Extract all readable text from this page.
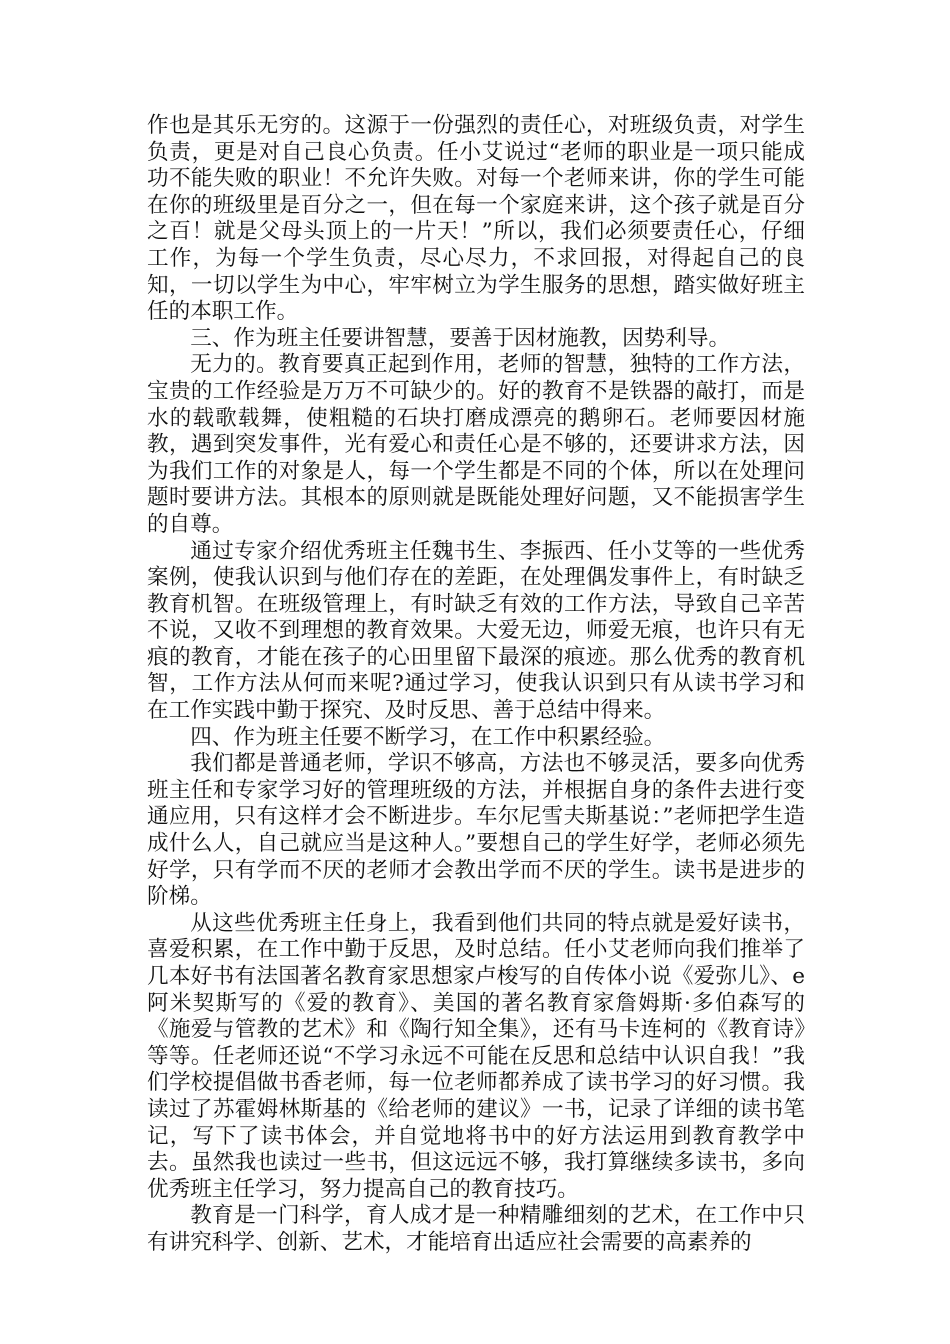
作也是其乐无穷的。这源于一份强烈的责任心，对班级负责，对学生负责，更是对自己良心负责。任小艾说过“老师的职业是一项只能成功不能失败的职业！不允许失败。对每一个老师来讲，你的学生可能在你的班级里是百分之一，但在每一个家庭来讲，这个孩子就是百分之百！就是父母头顶上的一片天！”所以，我们必须要责任心，仔细工作，为每一个学生负责，尽心尽力，不求回报，对得起自己的良知，一切以学生为中心，牢牢树立为学生服务的思想，踏实做好班主任的本职工作。

三、作为班主任要讲智慧，要善于因材施教，因势利导。

无力的。教育要真正起到作用，老师的智慧，独特的工作方法，宝贵的工作经验是万万不可缺少的。好的教育不是铁器的敲打，而是水的载歌载舞，使粗糙的石块打磨成漂亮的鹅卵石。老师要因材施教，遇到突发事件，光有爱心和责任心是不够的，还要讲求方法，因为我们工作的对象是人，每一个学生都是不同的个体，所以在处理问题时要讲方法。其根本的原则就是既能处理好问题，又不能损害学生的自尊。

通过专家介绍优秀班主任魏书生、李振西、任小艾等的一些优秀案例，使我认识到与他们存在的差距，在处理偶发事件上，有时缺乏教育机智。在班级管理上，有时缺乏有效的工作方法，导致自己辛苦不说，又收不到理想的教育效果。大爱无边，师爱无痕，也许只有无痕的教育，才能在孩子的心田里留下最深的痕迹。那么优秀的教育机智，工作方法从何而来呢?通过学习，使我认识到只有从读书学习和在工作实践中勤于探究、及时反思、善于总结中得来。

四、作为班主任要不断学习，在工作中积累经验。

我们都是普通老师，学识不够高，方法也不够灵活，要多向优秀班主任和专家学习好的管理班级的方法，并根据自身的条件去进行变通应用，只有这样才会不断进步。车尔尼雪夫斯基说：”老师把学生造成什么人，自己就应当是这种人。”要想自己的学生好学，老师必须先好学，只有学而不厌的老师才会教出学而不厌的学生。读书是进步的阶梯。

从这些优秀班主任身上，我看到他们共同的特点就是爱好读书，喜爱积累，在工作中勤于反思，及时总结。任小艾老师向我们推举了几本好书有法国著名教育家思想家卢梭写的自传体小说《爱弥儿》、e阿米契斯写的《爱的教育》、美国的著名教育家詹姆斯·多伯森写的《施爱与管教的艺术》和《陶行知全集》，还有马卡连柯的《教育诗》等等。任老师还说“不学习永远不可能在反思和总结中认识自我！”我们学校提倡做书香老师，每一位老师都养成了读书学习的好习惯。我读过了苏霍姆林斯基的《给老师的建议》一书，记录了详细的读书笔记，写下了读书体会，并自觉地将书中的好方法运用到教育教学中去。虽然我也读过一些书，但这远远不够，我打算继续多读书，多向优秀班主任学习，努力提高自己的教育技巧。

教育是一门科学，育人成才是一种精雕细刻的艺术，在工作中只有讲究科学、创新、艺术，才能培育出适应社会需要的高素养的
